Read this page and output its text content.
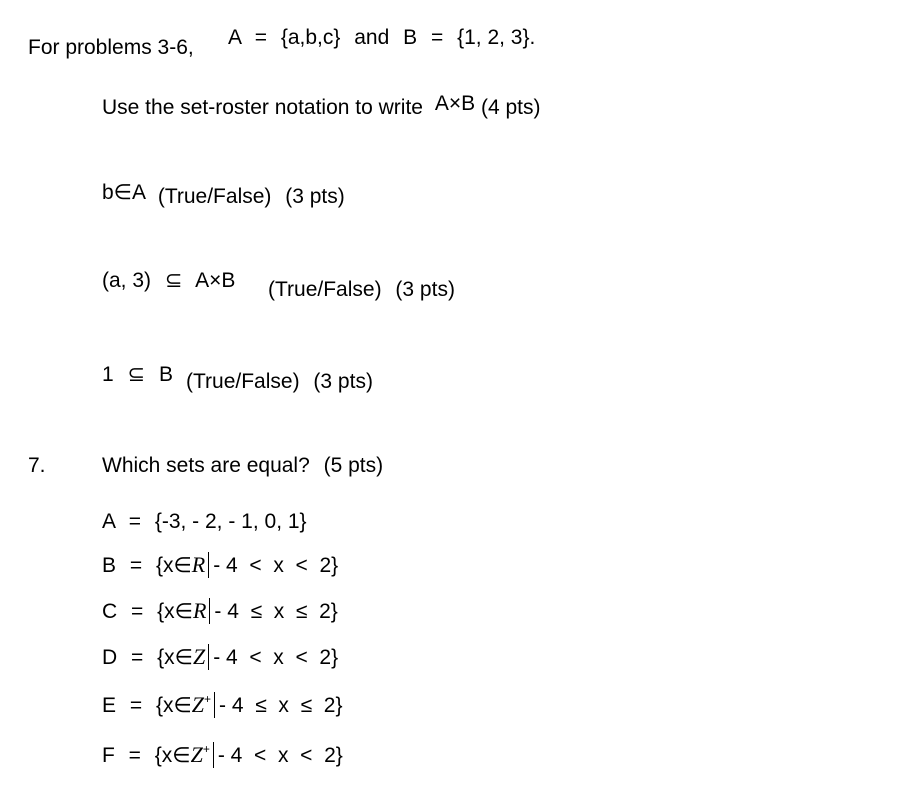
For problems 3-6, A = {a,b,c} and B = {1, 2, 3}.
Use the set-roster notation to write A×B (4 pts)
b∈A (True/False) (3 pts)
(a, 3) ⊆ A×B (True/False) (3 pts)
1 ⊆ B (True/False) (3 pts)
7.	Which sets are equal? (5 pts)
A = {-3, - 2, - 1, 0, 1}
B = {x∈R - 4  <  x  <  2}
C = {x∈R - 4  ≤  x  ≤  2}
D = {x∈Z - 4  <  x  <  2}
E = {x∈Z+ - 4  ≤  x  ≤  2}
F = {x∈Z+ - 4  <  x  <  2}
